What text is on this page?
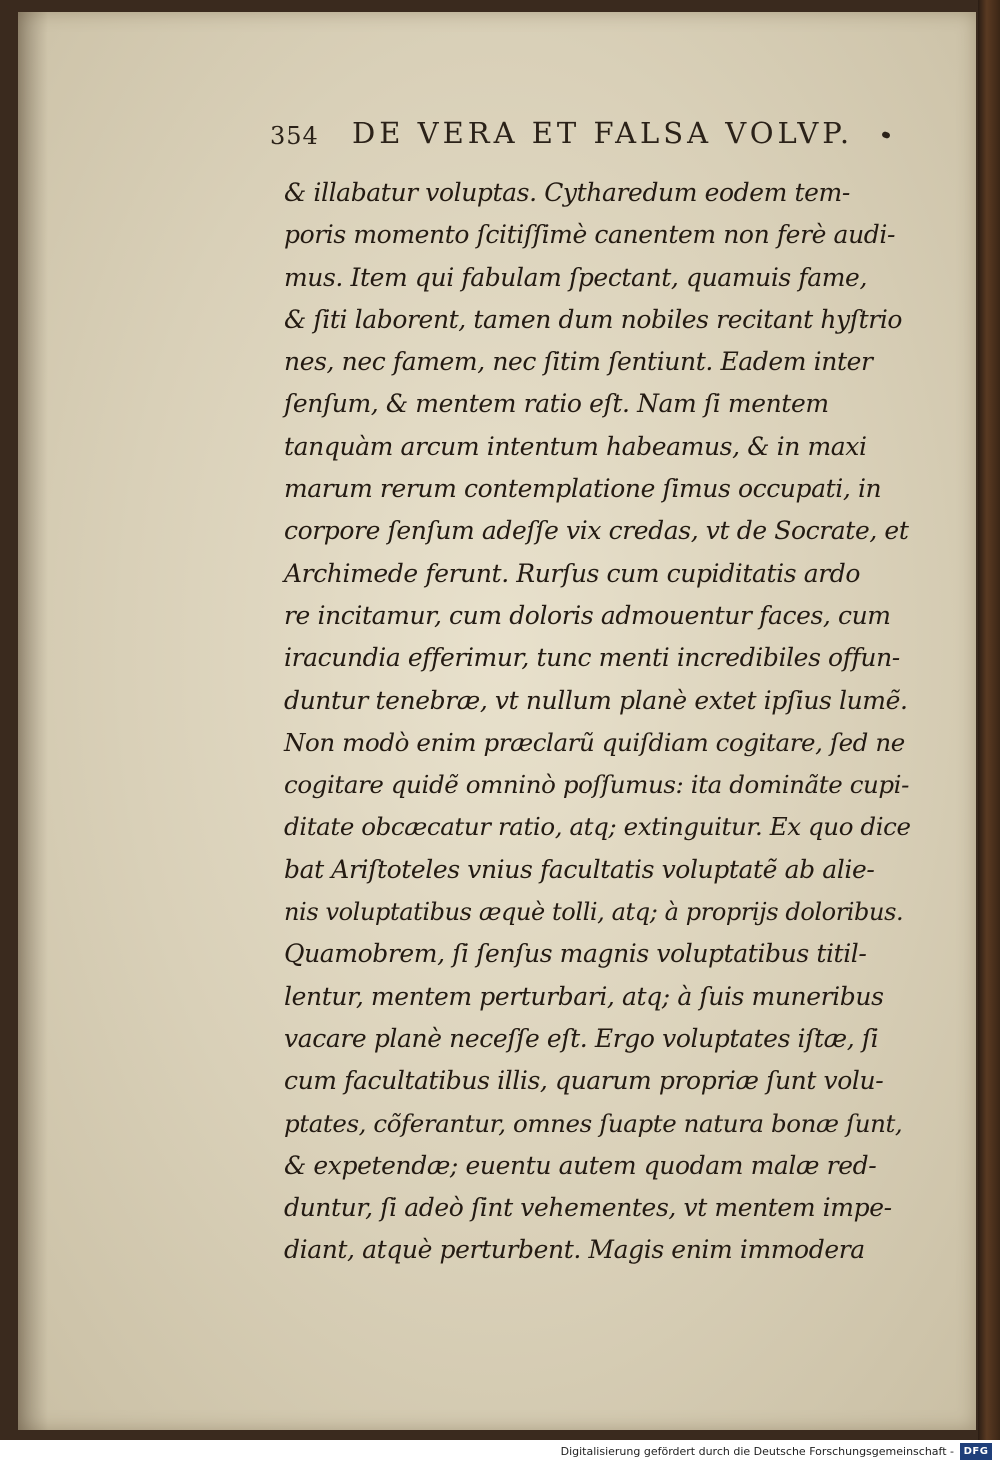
354 DE VERA ET FALSA VOLVP.
& illabatur voluptas. Cytharedum eodem tem-
poris momento ſcitiſſimè canentem non ferè audi-
mus. Item qui fabulam ſpectant, quamuis fame,
& ſiti laborent, tamen dum nobiles recitant hyſtrio
nes, nec famem, nec ſitim ſentiunt. Eadem inter
ſenſum, & mentem ratio eſt. Nam ſi mentem
tanquàm arcum intentum habeamus, & in maxi
marum rerum contemplatione ſimus occupati, in
corpore ſenſum adeſſe vix credas, vt de Socrate, et
Archimede ferunt. Rurſus cum cupiditatis ardo
re incitamur, cum doloris admouentur faces, cum
iracundia efferimur, tunc menti incredibiles offun-
duntur tenebræ, vt nullum planè extet ipſius lumẽ.
Non modò enim præclarũ quiſdiam cogitare, ſed ne
cogitare quidẽ omninò poſſumus: ita dominãte cupi-
ditate obcæcatur ratio, atq; extinguitur. Ex quo dice
bat Ariſtoteles vnius facultatis voluptatẽ ab alie-
nis voluptatibus æquè tolli, atq; à proprijs doloribus.
Quamobrem, ſi ſenſus magnis voluptatibus titil-
lentur, mentem perturbari, atq; à ſuis muneribus
vacare planè neceſſe eſt. Ergo voluptates iſtæ, ſi
cum facultatibus illis, quarum propriæ ſunt volu-
ptates, cõferantur, omnes ſuapte natura bonæ ſunt,
& expetendæ; euentu autem quodam malæ red-
duntur, ſi adeò ſint vehementes, vt mentem impe-
diant, atquè perturbent. Magis enim immodera
Digitalisierung gefördert durch die Deutsche Forschungsgemeinschaft - DFG
